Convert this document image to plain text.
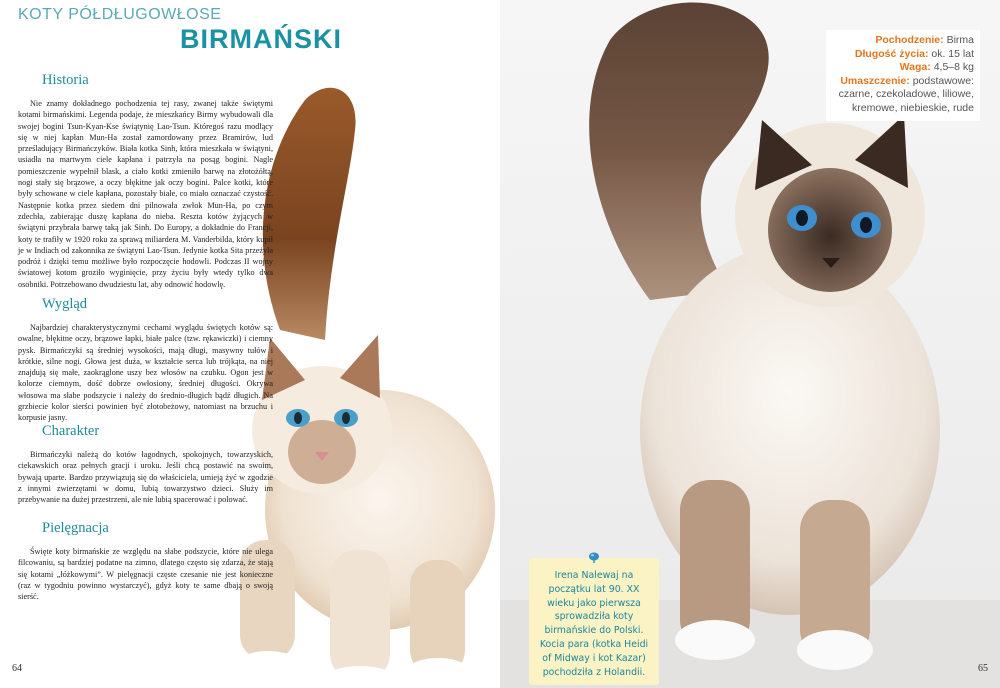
KOTY PÓŁDŁUGOWŁOSE
BIRMAŃSKI
Historia

Nie znamy dokładnego pochodzenia tej rasy, zwanej także świętymi kotami birmańskimi. Legenda podaje, że mieszkańcy Birmy wybudowali dla swojej bogini Tsun-Kyan-Kse świątynię Lao-Tsun. Któregoś razu modlący się w niej kapłan Mun-Ha został zamordowany przez Bramirów, lud prześladujący Birmańczyków. Biała kotka Sinh, która mieszkała w świątyni, usiadła na martwym ciele kapłana i patrzyła na posąg bogini. Nagle pomieszczenie wypełnił blask, a ciało kotki zmieniło barwę na złotożółtą, nogi stały się brązowe, a oczy błękitne jak oczy bogini. Palce kotki, które były schowane w ciele kapłana, pozostały białe, co miało oznaczać czystość. Następnie kotka przez siedem dni pilnowała zwłok Mun-Ha, po czym zdechła, zabierając duszę kapłana do nieba. Reszta kotów żyjących w świątyni przybrała barwę taką jak Sinh. Do Europy, a dokładnie do Francji, koty te trafiły w 1920 roku za sprawą miliardera M. Vanderbilda, który kupił je w Indiach od zakonnika ze świątyni Lao-Tsun. Jedynie kotka Sita przeżyła podróż i dzięki temu możliwe było rozpoczęcie hodowli. Podczas II wojny światowej kotom groziło wyginięcie, przy życiu były wtedy tylko dwa osobniki. Potrzebowano dwudziestu lat, aby odnowić hodowlę.

Wygląd

Najbardziej charakterystycznymi cechami wyglądu świętych kotów są: owalne, błękitne oczy, brązowe łapki, białe palce (tzw. rękawiczki) i ciemny pysk. Birmańczyki są średniej wysokości, mają długi, masywny tułów i krótkie, silne nogi. Głowa jest duża, w kształcie serca lub trójkąta, na niej znajdują się małe, zaokrąglone uszy bez włosów na czubku. Ogon jest w kolorze ciemnym, dość dobrze owłosiony, średniej długości. Okrywa włosowa ma słabe podszycie i należy do średnio-długich bądź długich. Na grzbiecie kolor sierści powinien być złotobeżowy, natomiast na brzuchu i korpusie jasny.

Charakter

Birmańczyki należą do kotów łagodnych, spokojnych, towarzyskich, ciekawskich oraz pełnych gracji i uroku. Jeśli chcą postawić na swoim, bywają uparte. Bardzo przywiązują się do właściciela, umieją żyć w zgodzie z innymi zwierzętami w domu, lubią towarzystwo dzieci. Służy im przebywanie na dużej przestrzeni, ale nie lubią spacerować i polować.

Pielęgnacja

Święte koty birmańskie ze względu na słabe podszycie, które nie ulega filcowaniu, są bardziej podatne na zimno, dlatego często się zdarza, że stają się kotami „łóżkowymi”. W pielęgnacji częste czesanie nie jest konieczne (raz w tygodniu powinno wystarczyć), gdyż koty te same dbają o swoją sierść.

64
Pochodzenie: Birma
Długość życia: ok. 15 lat
Waga: 4,5–8 kg
Umaszczenie: podstawowe: czarne, czekoladowe, liliowe, kremowe, niebieskie, rude
Irena Nalewaj na początku lat 90. XX wieku jako pierwsza sprowadziła koty birmańskie do Polski. Kocia para (kotka Heidi of Midway i kot Kazar) pochodziła z Holandii.	65
